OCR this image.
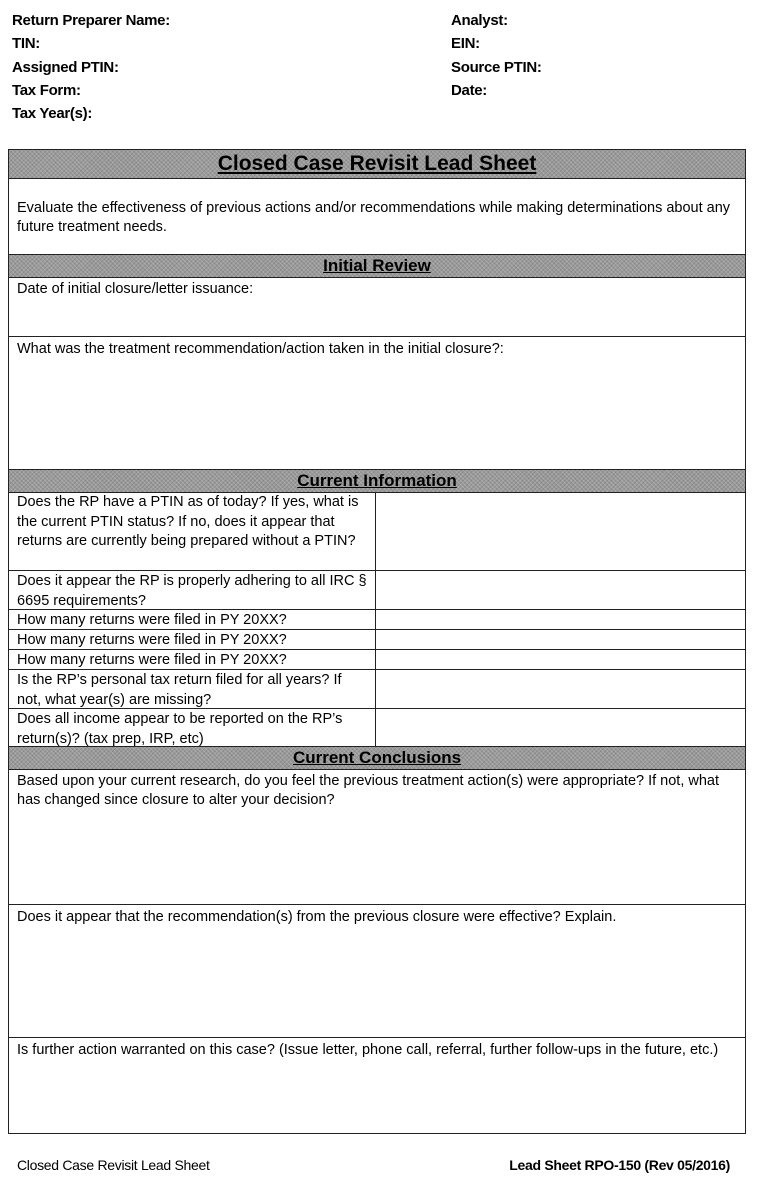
Return Preparer Name:
TIN:
Assigned PTIN:
Tax Form:
Tax Year(s):
Analyst:
EIN:
Source PTIN:
Date:
Closed Case Revisit Lead Sheet
Evaluate the effectiveness of previous actions and/or recommendations while making determinations about any future treatment needs.
Initial Review
Date of initial closure/letter issuance:
What was the treatment recommendation/action taken in the initial closure?:
Current Information
Does the RP have a PTIN as of today? If yes, what is the current PTIN status? If no, does it appear that returns are currently being prepared without a PTIN?
Does it appear the RP is properly adhering to all IRC § 6695 requirements?
How many returns were filed in PY 20XX?
How many returns were filed in PY 20XX?
How many returns were filed in PY 20XX?
Is the RP’s personal tax return filed for all years? If not, what year(s) are missing?
Does all income appear to be reported on the RP’s return(s)? (tax prep, IRP, etc)
Current Conclusions
Based upon your current research, do you feel the previous treatment action(s) were appropriate? If not, what has changed since closure to alter your decision?
Does it appear that the recommendation(s) from the previous closure were effective? Explain.
Is further action warranted on this case? (Issue letter, phone call, referral, further follow-ups in the future, etc.)
Closed Case Revisit Lead Sheet	Lead Sheet RPO-150 (Rev 05/2016)
